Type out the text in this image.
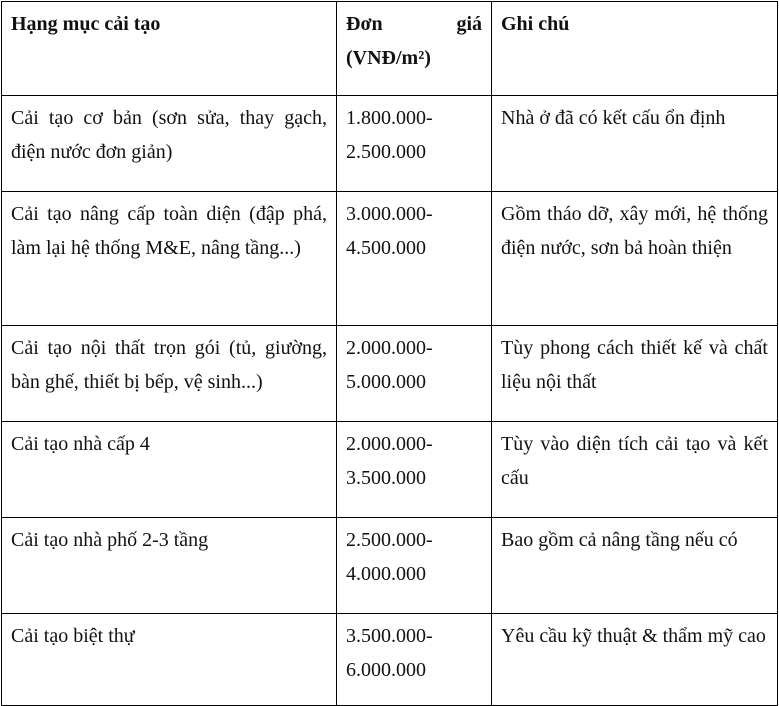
Hạng mục cải tạo	Đơn giá (VNĐ/m²)	Ghi chú
Cải tạo cơ bản (sơn sửa, thay gạch, điện nước đơn giản)	1.800.000-2.500.000	Nhà ở đã có kết cấu ổn định
Cải tạo nâng cấp toàn diện (đập phá, làm lại hệ thống M&E, nâng tầng...)	3.000.000-4.500.000	Gồm tháo dỡ, xây mới, hệ thống điện nước, sơn bả hoàn thiện
Cải tạo nội thất trọn gói (tủ, giường, bàn ghế, thiết bị bếp, vệ sinh...)	2.000.000-5.000.000	Tùy phong cách thiết kế và chất liệu nội thất
Cải tạo nhà cấp 4	2.000.000-3.500.000	Tùy vào diện tích cải tạo và kết cấu
Cải tạo nhà phố 2-3 tầng	2.500.000-4.000.000	Bao gồm cả nâng tầng nếu có
Cải tạo biệt thự	3.500.000-6.000.000	Yêu cầu kỹ thuật & thẩm mỹ cao
